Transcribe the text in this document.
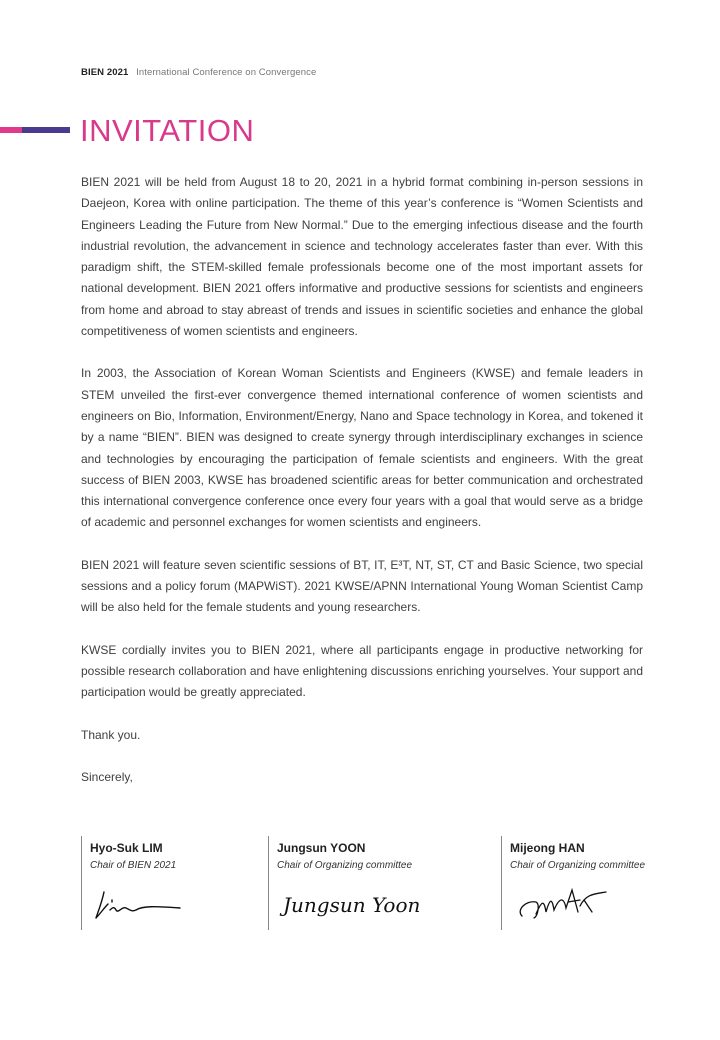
BIEN 2021 International Conference on Convergence
INVITATION

BIEN 2021 will be held from August 18 to 20, 2021 in a hybrid format combining in-person sessions in Daejeon, Korea with online participation. The theme of this year’s conference is “Women Scientists and Engineers Leading the Future from New Normal.” Due to the emerging infectious disease and the fourth industrial revolution, the advancement in science and technology accelerates faster than ever. With this paradigm shift, the STEM-skilled female professionals become one of the most important assets for national development. BIEN 2021 offers informative and productive sessions for scientists and engineers from home and abroad to stay abreast of trends and issues in scientific societies and enhance the global competitiveness of women scientists and engineers.

In 2003, the Association of Korean Woman Scientists and Engineers (KWSE) and female leaders in STEM unveiled the first-ever convergence themed international conference of women scientists and engineers on Bio, Information, Environment/Energy, Nano and Space technology in Korea, and tokened it by a name “BIEN”. BIEN was designed to create synergy through interdisciplinary exchanges in science and technologies by encouraging the participation of female scientists and engineers. With the great success of BIEN 2003, KWSE has broadened scientific areas for better communication and orchestrated this international convergence conference once every four years with a goal that would serve as a bridge of academic and personnel exchanges for women scientists and engineers.

BIEN 2021 will feature seven scientific sessions of BT, IT, E³T, NT, ST, CT and Basic Science, two special sessions and a policy forum (MAPWiST). 2021 KWSE/APNN International Young Woman Scientist Camp will be also held for the female students and young researchers.

KWSE cordially invites you to BIEN 2021, where all participants engage in productive networking for possible research collaboration and have enlightening discussions enriching yourselves. Your support and participation would be greatly appreciated.

Thank you.

Sincerely,

Hyo-Suk LIM
Chair of BIEN 2021
Jungsun YOON
Chair of Organizing committee
Jungsun Yoon
Mijeong HAN
Chair of Organizing committee
